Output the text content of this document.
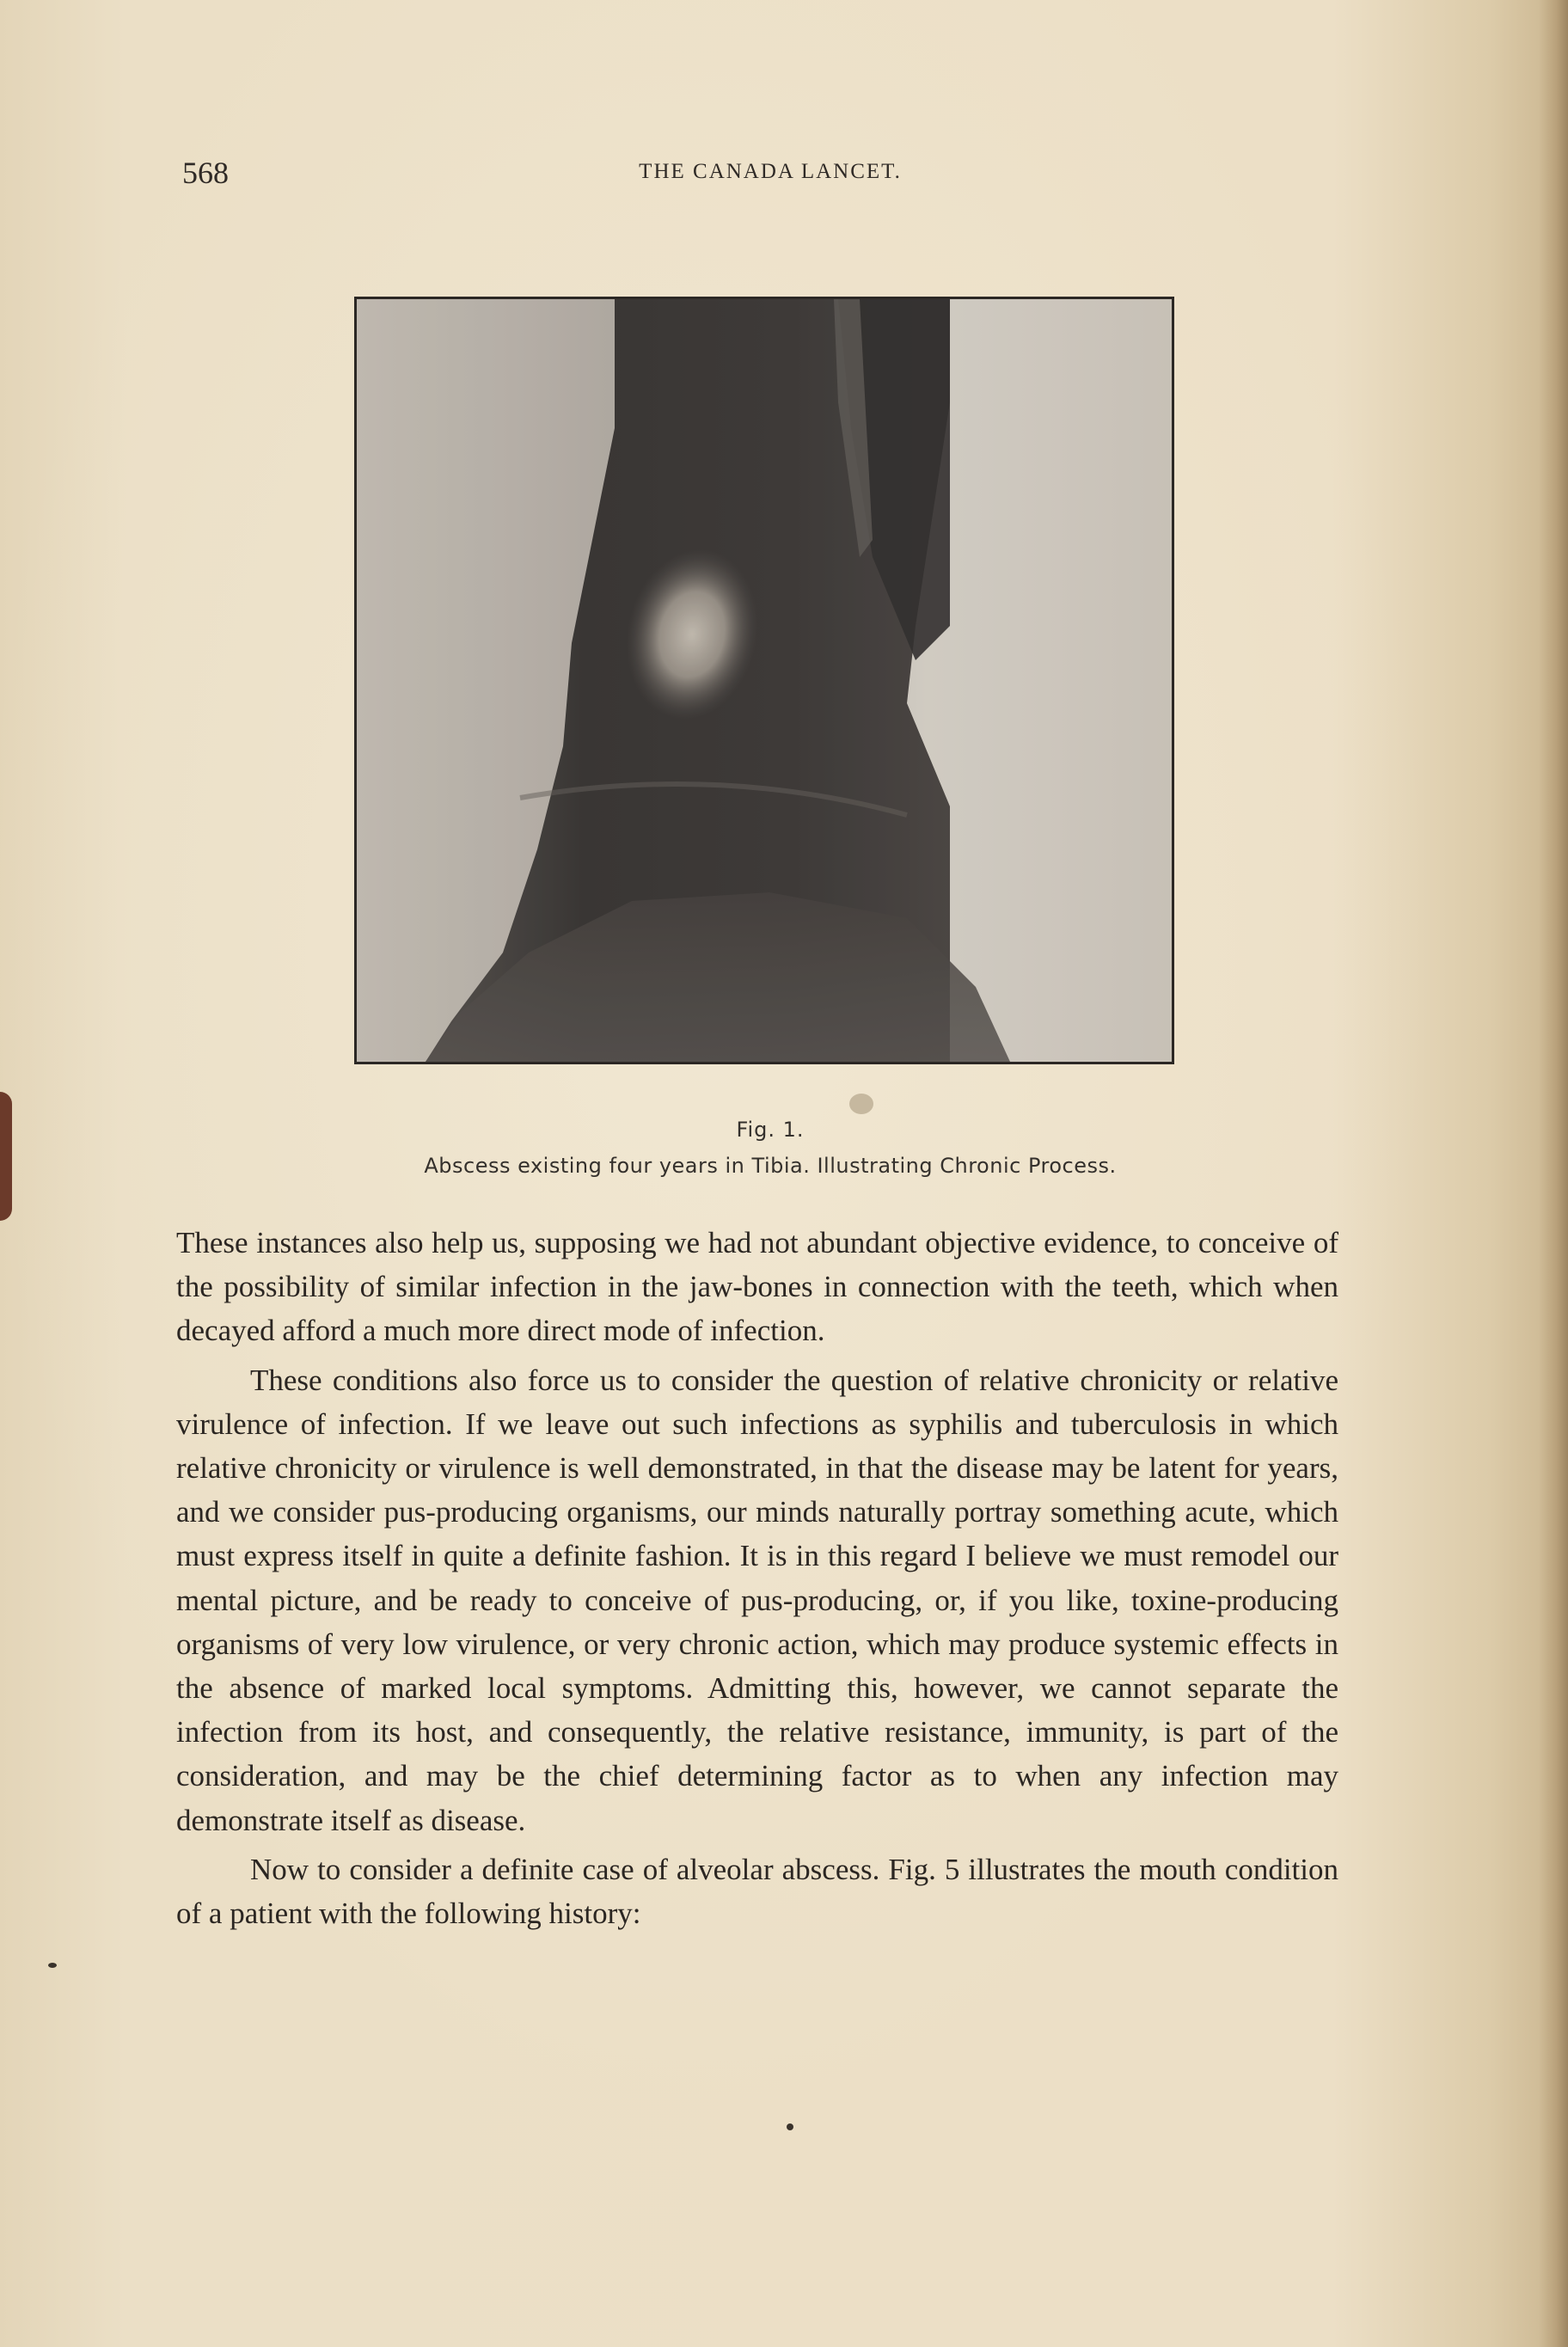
568	THE CANADA LANCET.
Fig. 1.
Abscess existing four years in Tibia. Illustrating Chronic Process.

These instances also help us, supposing we had not abundant objective evidence, to conceive of the possibility of similar infection in the jaw-bones in connection with the teeth, which when decayed afford a much more direct mode of infection.

These conditions also force us to consider the question of relative chronicity or relative virulence of infection. If we leave out such infections as syphilis and tuberculosis in which relative chronicity or virulence is well demonstrated, in that the disease may be latent for years, and we consider pus-producing organisms, our minds naturally portray something acute, which must express itself in quite a definite fashion. It is in this regard I believe we must remodel our mental picture, and be ready to conceive of pus-producing, or, if you like, toxine-producing organisms of very low virulence, or very chronic action, which may produce systemic effects in the absence of marked local symptoms. Admitting this, however, we cannot separate the infection from its host, and consequently, the relative resistance, immunity, is part of the consideration, and may be the chief determining factor as to when any infection may demonstrate itself as disease.

Now to consider a definite case of alveolar abscess. Fig. 5 illustrates the mouth condition of a patient with the following history:
